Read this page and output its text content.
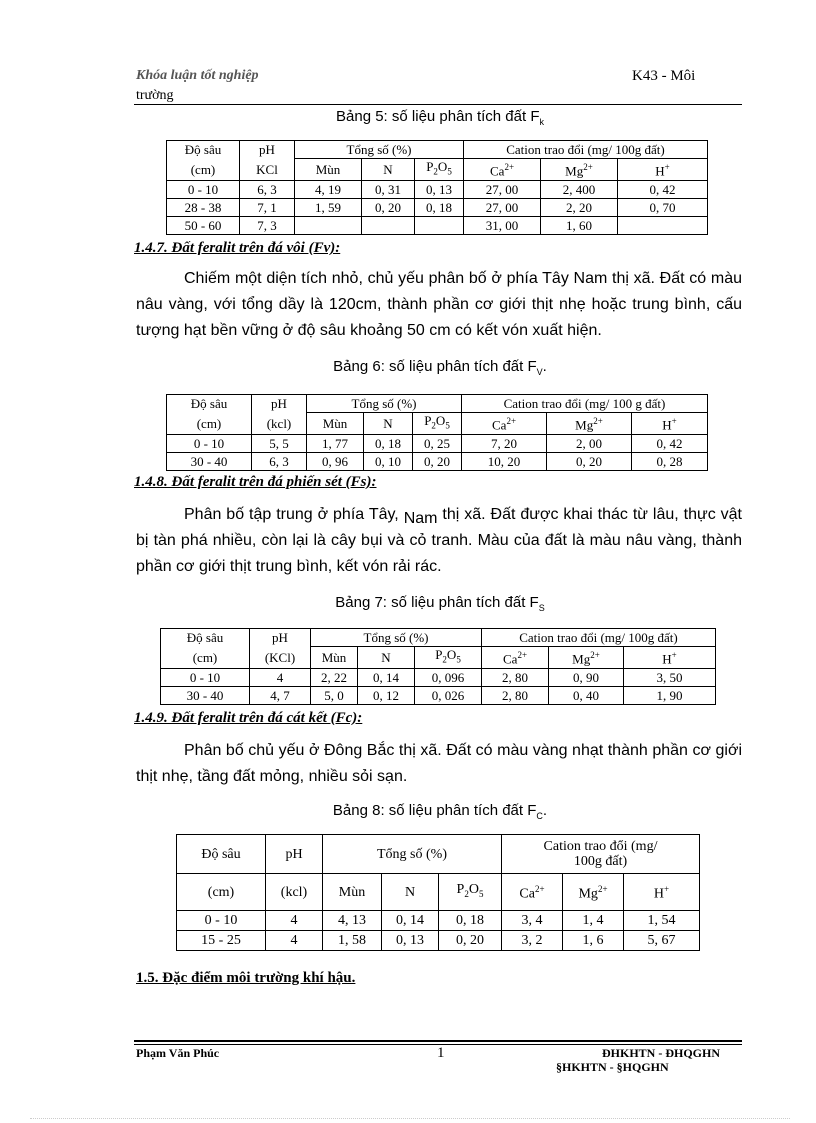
Khóa luận tốt nghiệp
trường
K43 - Môi
Bảng 5: số liệu phân tích đất $F_k$
Độ sâu	pH	Tổng số (%)			Cation trao đổi (mg/ 100g đất)		
(cm)	KCl	Mùn	N	$P_2O_5$	$Ca^{2+}$	$Mg^{2+}$	H+
0 - 10	6, 3	4, 19	0, 31	0, 13	27, 00	2, 400	0, 42
28 - 38	7, 1	1, 59	0, 20	0, 18	27, 00	2, 20	0, 70
50 - 60	7, 3				31, 00	1, 60	
1.4.7. Đất feralit trên đá vôi (Fv):
Chiếm một diện tích nhỏ, chủ yếu phân bố ở phía Tây Nam thị xã. Đất có màu nâu vàng, với tổng dầy là 120cm, thành phần cơ giới thịt nhẹ hoặc trung bình, cấu tượng hạt bền vững ở độ sâu khoảng 50 cm có kết vón xuất hiện.
Bảng 6: số liệu phân tích đất $F_V$.
Độ sâu	pH	Tổng số (%)			Cation trao đổi (mg/ 100 g đất)		
(cm)	(kcl)	Mùn	N	$P_2O_5$	$Ca^{2+}$	$Mg^{2+}$	H+
0 - 10	5, 5	1, 77	0, 18	0, 25	7, 20	2, 00	0, 42
30 - 40	6, 3	0, 96	0, 10	0, 20	10, 20	0, 20	0, 28
1.4.8. Đất feralit trên đá phiến sét (Fs):
Phân bố tập trung ở phía Tây, Nam thị xã. Đất được khai thác từ lâu, thực vật bị tàn phá nhiều, còn lại là cây bụi và cỏ tranh. Màu của đất là màu nâu vàng, thành phần cơ giới thịt trung bình, kết vón rải rác.
Bảng 7: số liệu phân tích đất $F_S$
Độ sâu	pH	Tổng số (%)			Cation trao đổi (mg/ 100g đất)		
(cm)	(KCl)	Mùn	N	$P_2O_5$	$Ca^{2+}$	$Mg^{2+}$	H+
0 - 10	4	2, 22	0, 14	0, 096	2, 80	0, 90	3, 50
30 - 40	4, 7	5, 0	0, 12	0, 026	2, 80	0, 40	1, 90
1.4.9. Đất feralit trên đá cát kết (Fc):
Phân bố chủ yếu ở Đông Bắc thị xã. Đất có màu vàng nhạt thành phần cơ giới thịt nhẹ, tầng đất mỏng, nhiều sỏi sạn.
Bảng 8: số liệu phân tích đất $F_C$.
Độ sâu	pH	Tổng số (%)			Cation trao đổi (mg/
100g đất)		

(cm)	(kcl)	Mùn	N	$P_2O_5$	$Ca^{2+}$	$Mg^{2+}$	H+
0 - 10	4	4, 13	0, 14	0, 18	3, 4	1, 4	1, 54
15 - 25	4	1, 58	0, 13	0, 20	3, 2	1, 6	5, 67
1.5. Đặc điểm môi trường khí hậu.
Phạm Văn Phúc	1	ĐHKHTN - ĐHQGHN
§HKHTN - §HQGHN
